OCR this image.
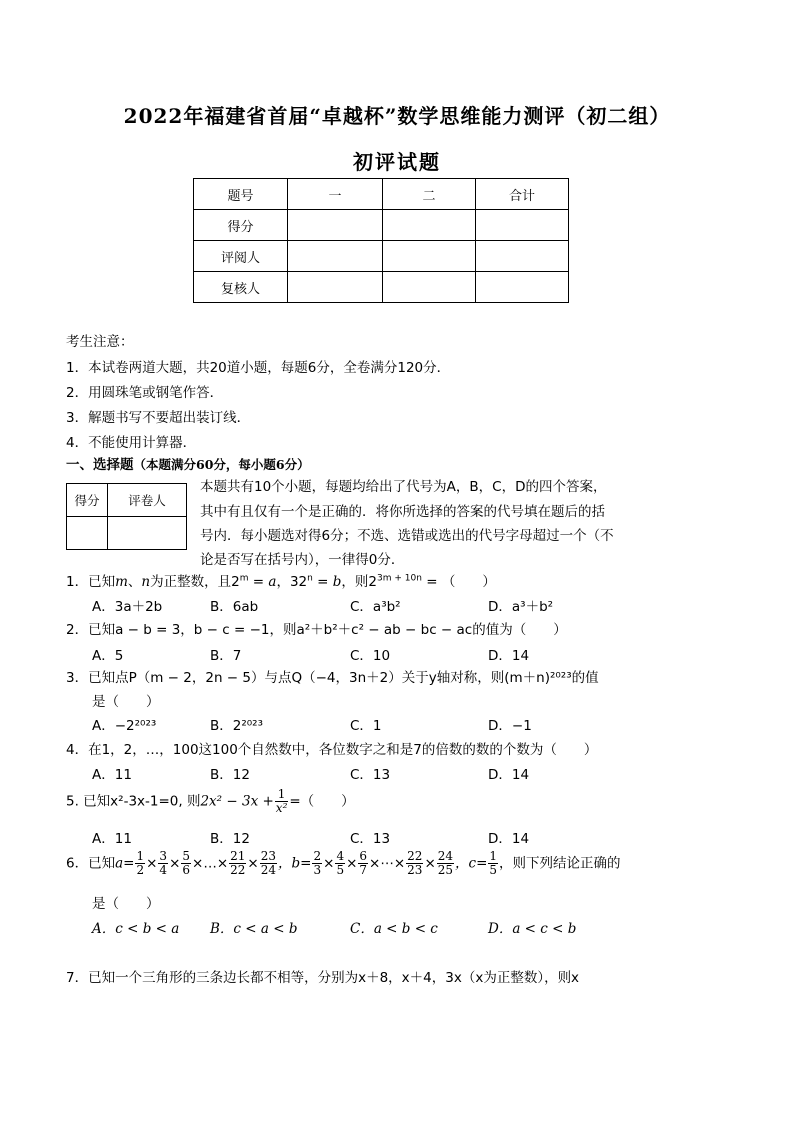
2022年福建省首届“卓越杯”数学思维能力测评（初二组）
初评试题
题号	一	二	合计
得分			
评阅人			
复核人			
考生注意：
1．本试卷两道大题，共20道小题，每题6分，全卷满分120分．
2．用圆珠笔或钢笔作答．
3．解题书写不要超出装订线．
4．不能使用计算器．
一、选择题（本题满分60分，每小题6分）
得分	评卷人

本题共有10个小题，每题均给出了代号为A，B，C，D的四个答案，
其中有且仅有一个是正确的．将你所选择的答案的代号填在题后的括
号内．每小题选对得6分；不选、选错或选出的代号字母超过一个（不
论是否写在括号内），一律得0分．
1．已知m、n为正整数，且$2^m = a$，$32^n = b$，则$2^{3m + 10n}$ = （　　）
A．3a＋2b	B．6ab	C．a³b²	D．a³＋b²
2．已知a − b = 3，b − c = −1，则a²＋b²＋c² − ab − bc − ac的值为（　　）
A．5	B．7	C．10	D．14
3．已知点P（m − 2，2n − 5）与点Q（−4，3n＋2）关于y轴对称，则(m＋n)²⁰²³的值
是（　　）
A．−2²⁰²³	B．2²⁰²³	C．1	D．−1
4．在1，2，…，100这100个自然数中，各位数字之和是7的倍数的数的个数为（　　）
A．11	B．12	C．13	D．14
5. 已知x²-3x-1=0, 则$2x^2 - 3x + \frac{1}{\text{x²}}$ =（　　）
A．11	B．12	C．13	D．14
6．已知$a= \frac{1}{2} \times \frac{3}{4} \times \frac{5}{6}$ ×…× $\frac{21}{22} \times \frac{23}{24}$ ，$b= \frac{2}{3} \times \frac{4}{5} \times \frac{6}{7}$ ×⋯× $\frac{22}{23} \times \frac{24}{25}$ ，$c= \frac{1}{5}$ ，则下列结论正确的
是（　　）
A．c < b < a B．c < a < b	C．a < b < c	D．a < c < b
7．已知一个三角形的三条边长都不相等，分别为x＋8，x＋4，3x（x为正整数），则x
